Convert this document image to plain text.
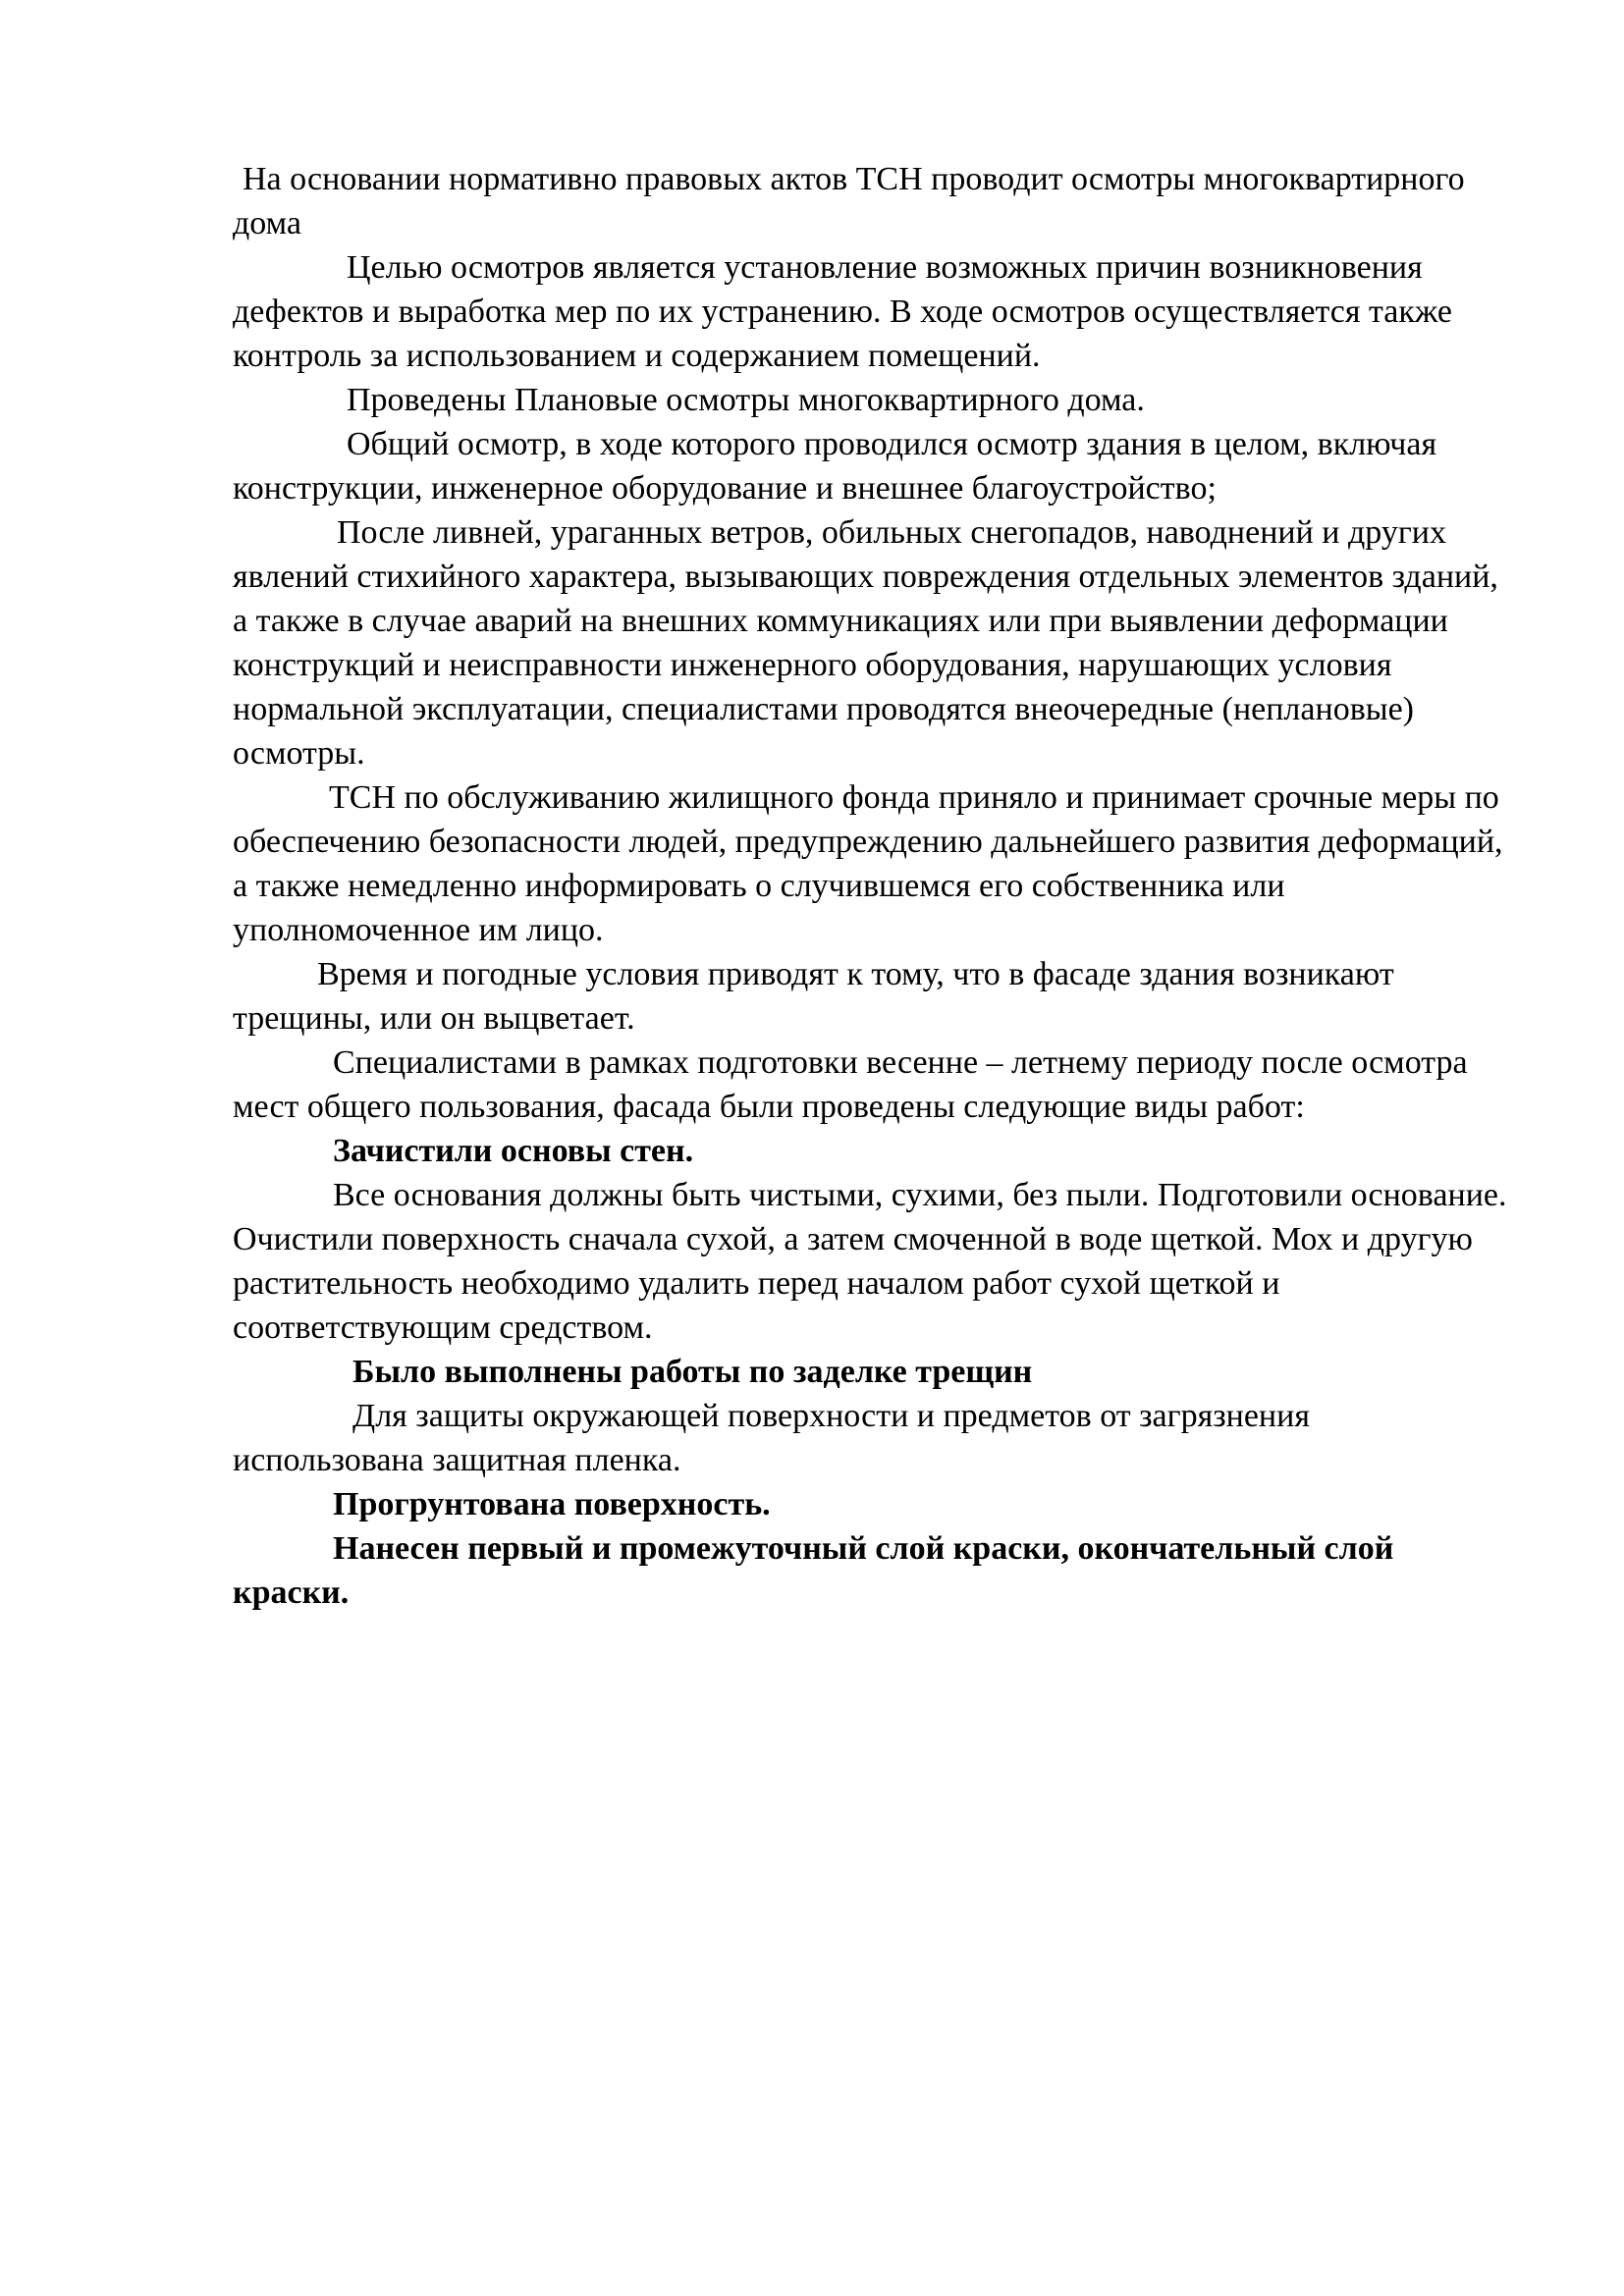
На основании нормативно правовых актов ТСН проводит осмотры многоквартирного дома

Целью осмотров является установление возможных причин возникновения дефектов и выработка мер по их устранению. В ходе осмотров осуществляется также контроль за использованием и содержанием помещений.

Проведены Плановые осмотры многоквартирного дома.

Общий осмотр, в ходе которого проводился осмотр здания в целом, включая конструкции, инженерное оборудование и внешнее благоустройство;

После ливней, ураганных ветров, обильных снегопадов, наводнений и других явлений стихийного характера, вызывающих повреждения отдельных элементов зданий, а также в случае аварий на внешних коммуникациях или при выявлении деформации конструкций и неисправности инженерного оборудования, нарушающих условия нормальной эксплуатации, специалистами проводятся внеочередные (неплановые) осмотры.

ТСН по обслуживанию жилищного фонда приняло и принимает срочные меры по обеспечению безопасности людей, предупреждению дальнейшего развития деформаций, а также немедленно информировать о случившемся его собственника или уполномоченное им лицо.

Время и погодные условия приводят к тому, что в фасаде здания возникают трещины, или он выцветает.

Специалистами в рамках подготовки весенне – летнему периоду после осмотра мест общего пользования, фасада были проведены следующие виды работ:

Зачистили основы стен.

Все основания должны быть чистыми, сухими, без пыли. Подготовили основание. Очистили поверхность сначала сухой, а затем смоченной в воде щеткой. Мох и другую растительность необходимо удалить перед началом работ сухой щеткой и соответствующим средством.

Было выполнены работы по заделке трещин

Для защиты окружающей поверхности и предметов от загрязнения использована защитная пленка.

Прогрунтована поверхность.

Нанесен первый и промежуточный слой краски, окончательный слой краски.
